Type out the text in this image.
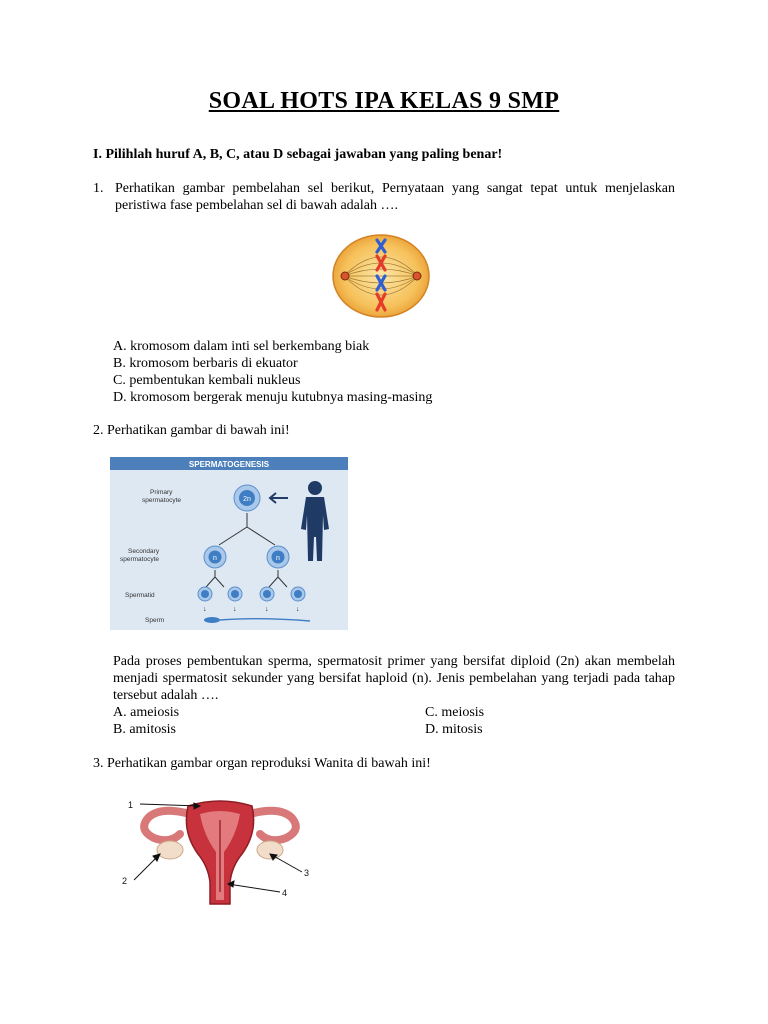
SOAL HOTS IPA KELAS 9 SMP
I. Pilihlah huruf A, B, C, atau D sebagai jawaban yang paling benar!
1. Perhatikan gambar pembelahan sel berikut, Pernyataan yang sangat tepat untuk menjelaskan peristiwa fase pembelahan sel di bawah adalah ….
A. kromosom dalam inti sel berkembang biak
B. kromosom berbaris di ekuator
C. pembentukan kembali nukleus
D. kromosom bergerak menuju kutubnya masing-masing
2. Perhatikan gambar di bawah ini!
SPERMATOGENESIS
Primary
spermatocyte
Secondary
spermatocyte
Spermatid
Sperm
2n
n	n
↓	↓	↓	↓
Pada proses pembentukan sperma, spermatosit primer yang bersifat diploid (2n) akan membelah menjadi spermatosit sekunder yang bersifat haploid (n). Jenis pembelahan yang terjadi pada tahap tersebut adalah ….
A. ameiosis
B. amitosis
C. meiosis
D. mitosis
3. Perhatikan gambar organ reproduksi Wanita di bawah ini!
1
2
3
4
